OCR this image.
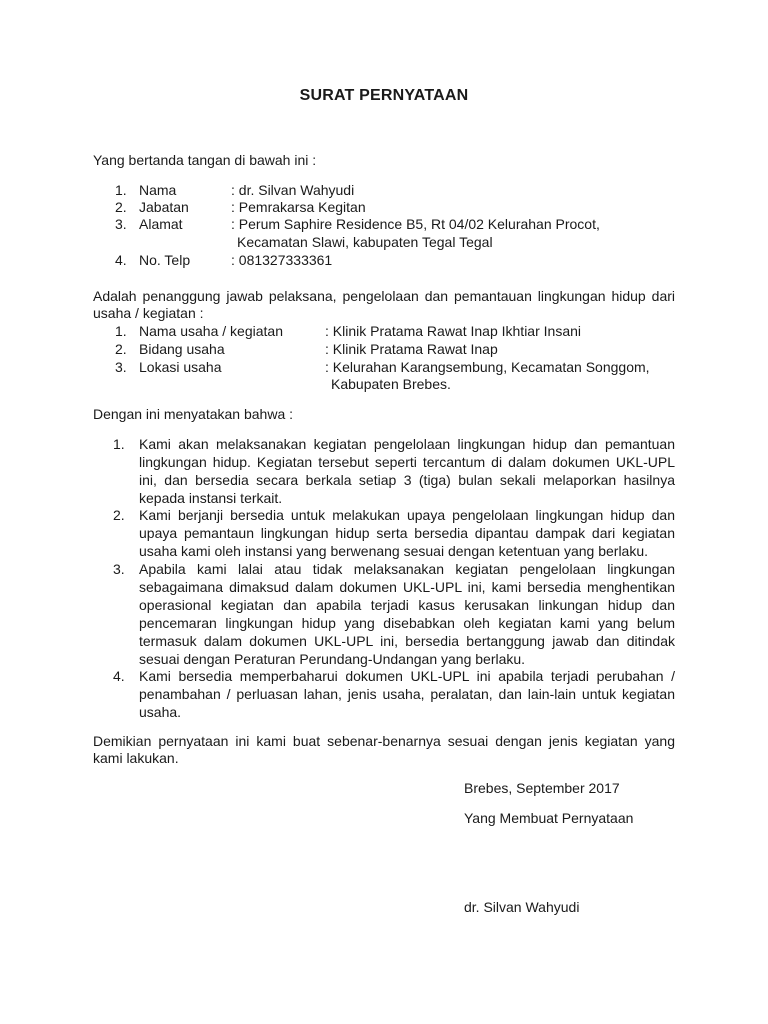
SURAT PERNYATAAN
Yang bertanda tangan di bawah ini :
1. Nama	: dr. Silvan Wahyudi
2. Jabatan	: Pemrakarsa Kegitan
3. Alamat	: Perum Saphire Residence B5, Rt 04/02 Kelurahan Procot,
Kecamatan Slawi, kabupaten Tegal Tegal
4. No. Telp	: 081327333361
Adalah penanggung jawab pelaksana, pengelolaan dan pemantauan lingkungan hidup dari
usaha / kegiatan :
1. Nama usaha / kegiatan	: Klinik Pratama Rawat Inap Ikhtiar Insani
2. Bidang usaha	: Klinik Pratama Rawat Inap
3. Lokasi usaha	: Kelurahan Karangsembung, Kecamatan Songgom,
Kabupaten Brebes.
Dengan ini menyatakan bahwa :
1. Kami akan melaksanakan kegiatan pengelolaan lingkungan hidup dan pemantuan lingkungan hidup. Kegiatan tersebut seperti tercantum di dalam dokumen UKL-UPL ini, dan bersedia secara berkala setiap 3 (tiga) bulan sekali melaporkan hasilnya kepada instansi terkait.
2. Kami berjanji bersedia untuk melakukan upaya pengelolaan lingkungan hidup dan upaya pemantaun lingkungan hidup serta bersedia dipantau dampak dari kegiatan usaha kami oleh instansi yang berwenang sesuai dengan ketentuan yang berlaku.
3. Apabila kami lalai atau tidak melaksanakan kegiatan pengelolaan lingkungan sebagaimana dimaksud dalam dokumen UKL-UPL ini, kami bersedia menghentikan operasional kegiatan dan apabila terjadi kasus kerusakan linkungan hidup dan pencemaran lingkungan hidup yang disebabkan oleh kegiatan kami yang belum termasuk dalam dokumen UKL-UPL ini, bersedia bertanggung jawab dan ditindak sesuai dengan Peraturan Perundang-Undangan yang berlaku.
4. Kami bersedia memperbaharui dokumen UKL-UPL ini apabila terjadi perubahan / penambahan / perluasan lahan, jenis usaha, peralatan, dan lain-lain untuk kegiatan usaha.
Demikian pernyataan ini kami buat sebenar-benarnya sesuai dengan jenis kegiatan yang
kami lakukan.
Brebes, September 2017
Yang Membuat Pernyataan
dr. Silvan Wahyudi
